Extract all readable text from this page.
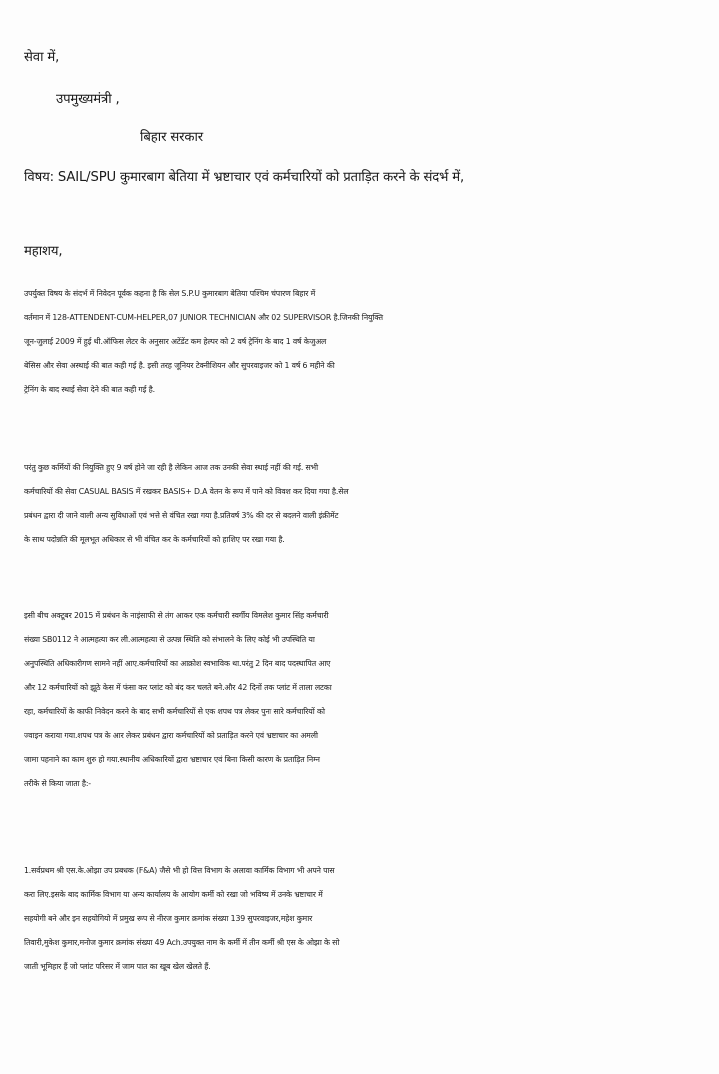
सेवा में,
उपमुख्यमंत्री ,
बिहार सरकार
विषय: SAIL/SPU कुमारबाग बेतिया में भ्रष्टाचार एवं कर्मचारियों को प्रताड़ित करने के संदर्भ में,
महाशय,
उपर्युक्त विषय के संदर्भ में निवेदन पूर्वक कहना है कि सेल S.P.U कुमारबाग बेतिया पश्चिम चंपारण बिहार में
वर्तमान में 128-ATTENDENT-CUM-HELPER,07 JUNIOR TECHNICIAN और 02 SUPERVISOR है.जिनकी नियुक्ति
जून-जुलाई 2009 में हुई थी.ऑफिस लेटर के अनुसार अटेंडेंट कम हेल्पर को 2 वर्ष ट्रेनिंग के बाद 1 वर्ष केजुअल
बेसिस और सेवा अस्थाई की बात कही गई है. इसी तरह जूनियर टेक्नीशियन और सुपरवाइजर को 1 वर्ष 6 महीने की
ट्रेनिंग के बाद स्थाई सेवा देने की बात कही गई है.
परंतु कुछ कर्मियों की नियुक्ति हुए 9 वर्ष होने जा रही है लेकिन आज तक उनकी सेवा स्थाई नहीं की गई. सभी
कर्मचारियों की सेवा CASUAL BASIS में रखकर BASIS+ D.A वेतन के रूप में पाने को विवश कर दिया गया है.सेल
प्रबंधन द्वारा दी जाने वाली अन्य सुविधाओं एवं भत्ते से वंचित रखा गया है.प्रतिवर्ष 3% की दर से बदलने वाली इंक्रीमेंट
के साथ पदोन्नति की मूलभूत अधिकार से भी वंचित कर के कर्मचारियों को हाशिए पर रखा गया है.
इसी बीच अक्टूबर 2015 में प्रबंधन के नाइंसाफी से तंग आकर एक कर्मचारी स्वर्गीय विमलेश कुमार सिंह कर्मचारी
संख्या SB0112 ने आत्महत्या कर ली.आत्महत्या से उत्पन्न स्थिति को संभालने के लिए कोई भी उपस्थिति या
अनुपस्थिति अधिकारीगण सामने नहीं आए.कर्मचारियों का आक्रोश स्वभाविक था.परंतु 2 दिन बाद पदस्थापित आए
और 12 कर्मचारियों को झूठे केस में फंसा कर प्लांट को बंद कर चलते बने.और 42 दिनों तक प्लांट में ताला लटका
रहा, कर्मचारियों के काफी निवेदन करने के बाद सभी कर्मचारियों से एक शपथ पत्र लेकर पुनः सारे कर्मचारियों को
ज्वाइन कराया गया.शपथ पत्र के आर लेकर प्रबंधन द्वारा कर्मचारियों को प्रताड़ित करने एवं भ्रष्टाचार का अमली
जामा पहनाने का काम शुरु हो गया.स्थानीय अधिकारियों द्वारा भ्रष्टाचार एवं बिना किसी कारण के प्रताड़ित निम्न
तरीके से किया जाता है:-
1.सर्वप्रथम श्री एस.के.ओझा उप प्रबधक (F&A) जैसे भी हो वित्त विभाग के अलावा कार्मिक विभाग भी अपने पास
करा लिए.इसके बाद कार्मिक विभाग या अन्य कार्यालय के आयोग कर्मी को रखा जो भविष्य में उनके भ्रष्टाचार में
सहयोगी बने और इन सहयोगियो में प्रमुख रूप से नीरज कुमार क्रमांक संख्या 139 सुपरवाइजर,महेश कुमार
तिवारी,मुकेश कुमार,मनोज कुमार क्रमांक संख्या 49 Ach.उपयुक्त नाम के कर्मी में तीन कर्मी श्री एस के ओझा के सो
जाती भूमिहार हैं जो प्लांट परिसर में जाम पात का खूब खेल खेलते हैं.
